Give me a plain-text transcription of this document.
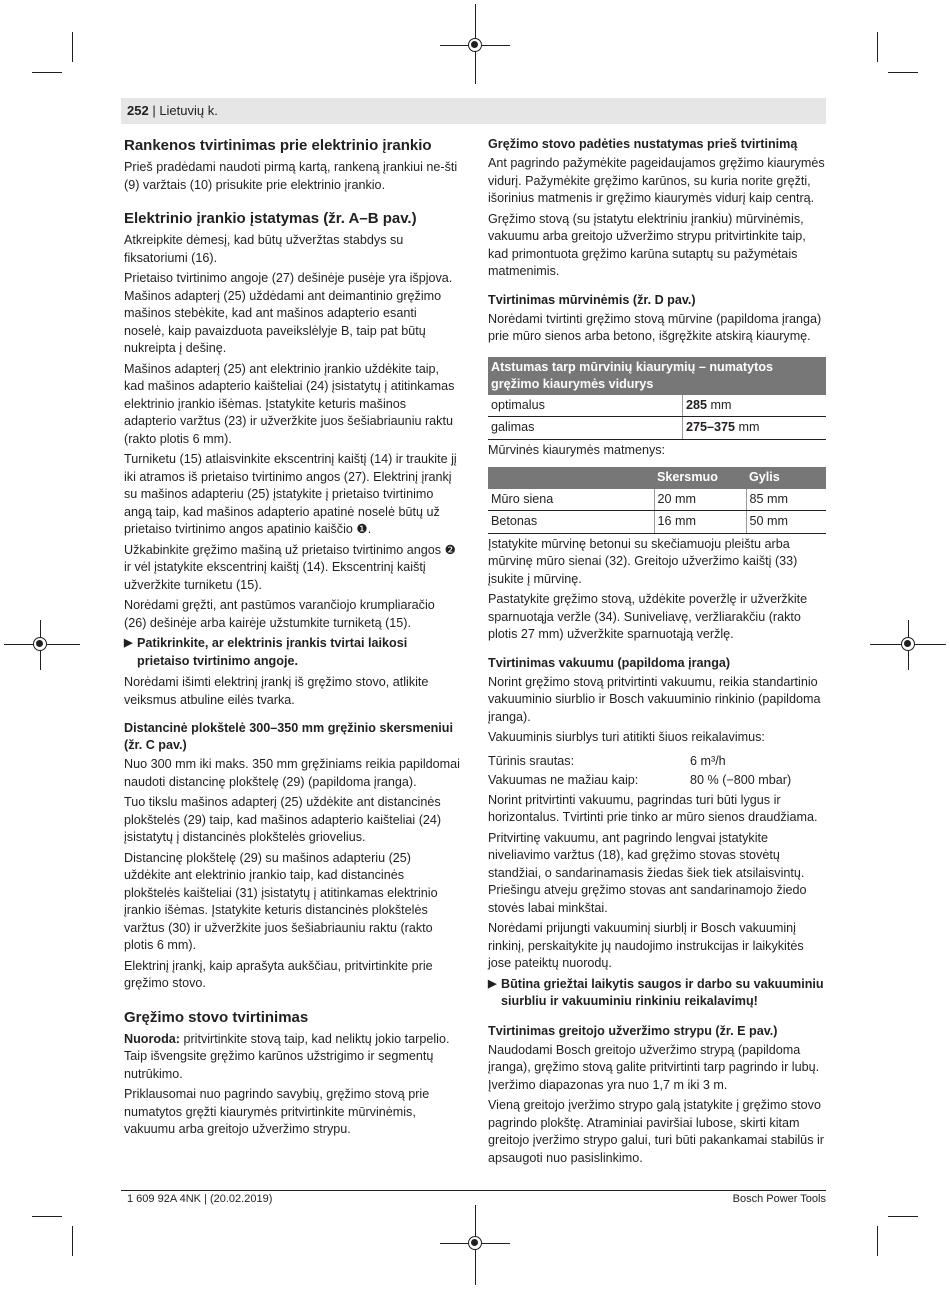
252 | Lietuvių k.
Rankenos tvirtinimas prie elektrinio įrankio

Prieš pradėdami naudoti pirmą kartą, rankeną įrankiui ne-šti (9) varžtais (10) prisukite prie elektrinio įrankio.

Elektrinio įrankio įstatymas (žr. A–B pav.)

Atkreipkite dėmesį, kad būtų užveržtas stabdys su fiksatoriumi (16).

Prietaiso tvirtinimo angoje (27) dešinėje pusėje yra išpjova. Mašinos adapterį (25) uždėdami ant deimantinio gręžimo mašinos stebėkite, kad ant mašinos adapterio esanti noselė, kaip pavaizduota paveikslėlyje B, taip pat būtų nukreipta į dešinę.

Mašinos adapterį (25) ant elektrinio įrankio uždėkite taip, kad mašinos adapterio kaišteliai (24) įsistatytų į atitinkamas elektrinio įrankio išėmas. Įstatykite keturis mašinos adapterio varžtus (23) ir užveržkite juos šešiabriauniu raktu (rakto plotis 6 mm).

Turniketu (15) atlaisvinkite ekscentrinį kaištį (14) ir traukite jį iki atramos iš prietaiso tvirtinimo angos (27). Elektrinį įrankį su mašinos adapteriu (25) įstatykite į prietaiso tvirtinimo angą taip, kad mašinos adapterio apatinė noselė būtų už prietaiso tvirtinimo angos apatinio kaiščio ❶.

Užkabinkite gręžimo mašiną už prietaiso tvirtinimo angos ❷ ir vėl įstatykite ekscentrinį kaištį (14). Ekscentrinį kaištį užveržkite turniketu (15).

Norėdami gręžti, ant pastūmos varančiojo krumpliaračio (26) dešinėje arba kairėje užstumkite turniketą (15).

▶ Patikrinkite, ar elektrinis įrankis tvirtai laikosi prietaiso tvirtinimo angoje.

Norėdami išimti elektrinį įrankį iš gręžimo stovo, atlikite veiksmus atbuline eilės tvarka.

Distancinė plokštelė 300–350 mm gręžinio skersmeniui (žr. C pav.)

Nuo 300 mm iki maks. 350 mm gręžiniams reikia papildomai naudoti distancinę plokštelę (29) (papildoma įranga).

Tuo tikslu mašinos adapterį (25) uždėkite ant distancinės plokštelės (29) taip, kad mašinos adapterio kaišteliai (24) įsistatytų į distancinės plokštelės griovelius.

Distancinę plokštelę (29) su mašinos adapteriu (25) uždėkite ant elektrinio įrankio taip, kad distancinės plokštelės kaišteliai (31) įsistatytų į atitinkamas elektrinio įrankio išėmas. Įstatykite keturis distancinės plokštelės varžtus (30) ir užveržkite juos šešiabriauniu raktu (rakto plotis 6 mm).

Elektrinį įrankį, kaip aprašyta aukščiau, pritvirtinkite prie gręžimo stovo.

Gręžimo stovo tvirtinimas

Nuoroda: pritvirtinkite stovą taip, kad neliktų jokio tarpelio. Taip išvengsite gręžimo karūnos užstrigimo ir segmentų nutrūkimo.

Priklausomai nuo pagrindo savybių, gręžimo stovą prie numatytos gręžti kiaurymės pritvirtinkite mūrvinėmis, vakuumu arba greitojo užveržimo strypu.

Gręžimo stovo padėties nustatymas prieš tvirtinimą

Ant pagrindo pažymėkite pageidaujamos gręžimo kiaurymės vidurį. Pažymėkite gręžimo karūnos, su kuria norite gręžti, išorinius matmenis ir gręžimo kiaurymės vidurį kaip centrą.

Gręžimo stovą (su įstatytu elektriniu įrankiu) mūrvinėmis, vakuumu arba greitojo užveržimo strypu pritvirtinkite taip, kad primontuota gręžimo karūna sutaptų su pažymėtais matmenimis.

Tvirtinimas mūrvinėmis (žr. D pav.)

Norėdami tvirtinti gręžimo stovą mūrvine (papildoma įranga) prie mūro sienos arba betono, išgręžkite atskirą kiaurymę.

Atstumas tarp mūrvinių kiaurymių – numatytos gręžimo kiaurymės vidurys	
optimalus	285 mm
galimas	275–375 mm

Mūrvinės kiaurymės matmenys:

	Skersmuo	Gylis
Mūro siena	20 mm	85 mm
Betonas	16 mm	50 mm

Įstatykite mūrvinę betonui su skečiamuoju pleištu arba mūrvinę mūro sienai (32). Greitojo užveržimo kaištį (33) įsukite į mūrvinę.

Pastatykite gręžimo stovą, uždėkite poveržlę ir užveržkite sparnuotąja veržle (34). Suniveliavę, veržliarakčiu (rakto plotis 27 mm) užveržkite sparnuotąją veržlę.

Tvirtinimas vakuumu (papildoma įranga)

Norint gręžimo stovą pritvirtinti vakuumu, reikia standartinio vakuuminio siurblio ir Bosch vakuuminio rinkinio (papildoma įranga).

Vakuuminis siurblys turi atitikti šiuos reikalavimus:

Tūrinis srautas:	6 m³/h
Vakuumas ne mažiau kaip:	80 % (−800 mbar)

Norint pritvirtinti vakuumu, pagrindas turi būti lygus ir horizontalus. Tvirtinti prie tinko ar mūro sienos draudžiama.

Pritvirtinę vakuumu, ant pagrindo lengvai įstatykite niveliavimo varžtus (18), kad gręžimo stovas stovėtų standžiai, o sandarinamasis žiedas šiek tiek atsilaisvintų. Priešingu atveju gręžimo stovas ant sandarinamojo žiedo stovės labai minkštai.

Norėdami prijungti vakuuminį siurblį ir Bosch vakuuminį rinkinį, perskaitykite jų naudojimo instrukcijas ir laikykitės jose pateiktų nuorodų.

▶ Būtina griežtai laikytis saugos ir darbo su vakuuminiu siurbliu ir vakuuminiu rinkiniu reikalavimų!
Tvirtinimas greitojo užveržimo strypu (žr. E pav.)

Naudodami Bosch greitojo užveržimo strypą (papildoma įranga), gręžimo stovą galite pritvirtinti tarp pagrindo ir lubų. Įveržimo diapazonas yra nuo 1,7 m iki 3 m.

Vieną greitojo įveržimo strypo galą įstatykite į gręžimo stovo pagrindo plokštę. Atraminiai paviršiai lubose, skirti kitam greitojo įveržimo strypo galui, turi būti pakankamai stabilūs ir apsaugoti nuo pasislinkimo.

1 609 92A 4NK | (20.02.2019)	Bosch Power Tools
